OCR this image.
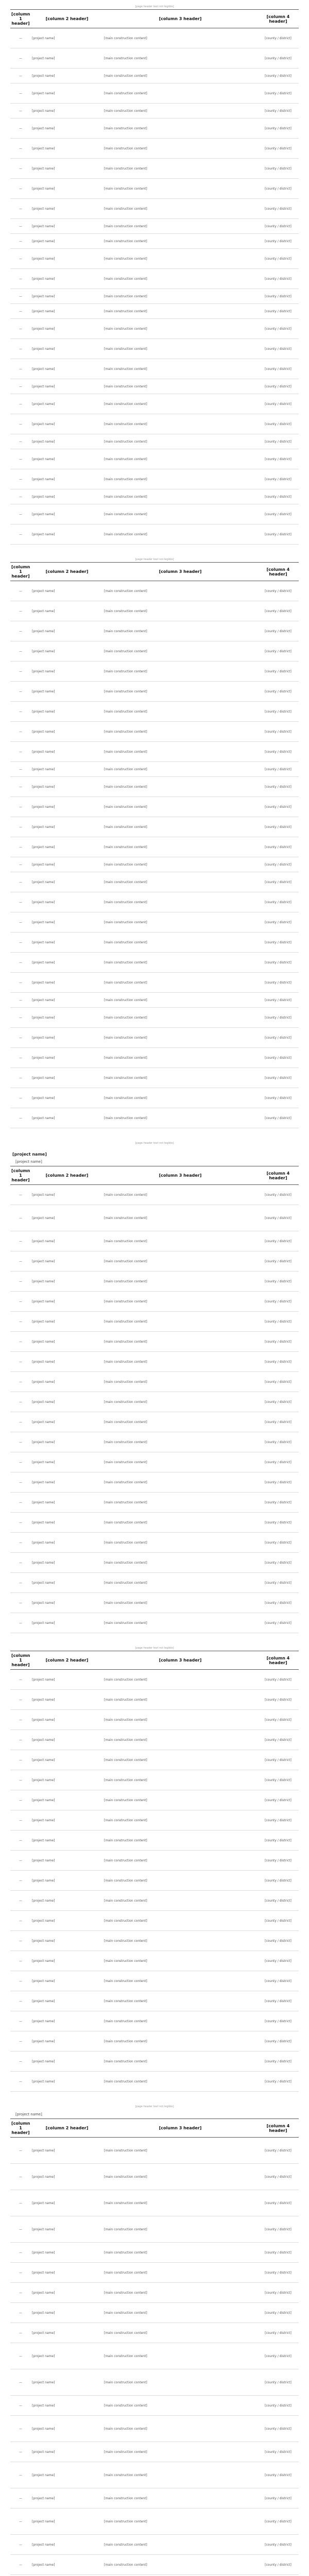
[page header text not legible]
[column 1 header]	[column 2 header]	[column 3 header]	[column 4 header]
—	[project name]	[main construction content]	[county / district]
—	[project name]	[main construction content]	[county / district]
—	[project name]	[main construction content]	[county / district]
—	[project name]	[main construction content]	[county / district]
—	[project name]	[main construction content]	[county / district]
—	[project name]	[main construction content]	[county / district]
—	[project name]	[main construction content]	[county / district]
—	[project name]	[main construction content]	[county / district]
—	[project name]	[main construction content]	[county / district]
—	[project name]	[main construction content]	[county / district]
—	[project name]	[main construction content]	[county / district]
—	[project name]	[main construction content]	[county / district]
—	[project name]	[main construction content]	[county / district]
—	[project name]	[main construction content]	[county / district]
—	[project name]	[main construction content]	[county / district]
—	[project name]	[main construction content]	[county / district]
—	[project name]	[main construction content]	[county / district]
—	[project name]	[main construction content]	[county / district]
—	[project name]	[main construction content]	[county / district]
—	[project name]	[main construction content]	[county / district]
—	[project name]	[main construction content]	[county / district]
—	[project name]	[main construction content]	[county / district]
—	[project name]	[main construction content]	[county / district]
—	[project name]	[main construction content]	[county / district]
—	[project name]	[main construction content]	[county / district]
—	[project name]	[main construction content]	[county / district]
—	[project name]	[main construction content]	[county / district]
—	[project name]	[main construction content]	[county / district]
[page header text not legible]
[column 1 header]	[column 2 header]	[column 3 header]	[column 4 header]
—	[project name]	[main construction content]	[county / district]
—	[project name]	[main construction content]	[county / district]
—	[project name]	[main construction content]	[county / district]
—	[project name]	[main construction content]	[county / district]
—	[project name]	[main construction content]	[county / district]
—	[project name]	[main construction content]	[county / district]
—	[project name]	[main construction content]	[county / district]
—	[project name]	[main construction content]	[county / district]
—	[project name]	[main construction content]	[county / district]
—	[project name]	[main construction content]	[county / district]
—	[project name]	[main construction content]	[county / district]
—	[project name]	[main construction content]	[county / district]
—	[project name]	[main construction content]	[county / district]
—	[project name]	[main construction content]	[county / district]
—	[project name]	[main construction content]	[county / district]
—	[project name]	[main construction content]	[county / district]
—	[project name]	[main construction content]	[county / district]
—	[project name]	[main construction content]	[county / district]
—	[project name]	[main construction content]	[county / district]
—	[project name]	[main construction content]	[county / district]
—	[project name]	[main construction content]	[county / district]
—	[project name]	[main construction content]	[county / district]
—	[project name]	[main construction content]	[county / district]
—	[project name]	[main construction content]	[county / district]
—	[project name]	[main construction content]	[county / district]
—	[project name]	[main construction content]	[county / district]
—	[project name]	[main construction content]	[county / district]
—	[project name]	[main construction content]	[county / district]
[page header text not legible]
[project name]
[project name]
[column 1 header]	[column 2 header]	[column 3 header]	[column 4 header]
—	[project name]	[main construction content]	[county / district]
—	[project name]	[main construction content]	[county / district]
—	[project name]	[main construction content]	[county / district]
—	[project name]	[main construction content]	[county / district]
—	[project name]	[main construction content]	[county / district]
—	[project name]	[main construction content]	[county / district]
—	[project name]	[main construction content]	[county / district]
—	[project name]	[main construction content]	[county / district]
—	[project name]	[main construction content]	[county / district]
—	[project name]	[main construction content]	[county / district]
—	[project name]	[main construction content]	[county / district]
—	[project name]	[main construction content]	[county / district]
—	[project name]	[main construction content]	[county / district]
—	[project name]	[main construction content]	[county / district]
—	[project name]	[main construction content]	[county / district]
—	[project name]	[main construction content]	[county / district]
—	[project name]	[main construction content]	[county / district]
—	[project name]	[main construction content]	[county / district]
—	[project name]	[main construction content]	[county / district]
—	[project name]	[main construction content]	[county / district]
—	[project name]	[main construction content]	[county / district]
—	[project name]	[main construction content]	[county / district]
[page header text not legible]
[column 1 header]	[column 2 header]	[column 3 header]	[column 4 header]
—	[project name]	[main construction content]	[county / district]
—	[project name]	[main construction content]	[county / district]
—	[project name]	[main construction content]	[county / district]
—	[project name]	[main construction content]	[county / district]
—	[project name]	[main construction content]	[county / district]
—	[project name]	[main construction content]	[county / district]
—	[project name]	[main construction content]	[county / district]
—	[project name]	[main construction content]	[county / district]
—	[project name]	[main construction content]	[county / district]
—	[project name]	[main construction content]	[county / district]
—	[project name]	[main construction content]	[county / district]
—	[project name]	[main construction content]	[county / district]
—	[project name]	[main construction content]	[county / district]
—	[project name]	[main construction content]	[county / district]
—	[project name]	[main construction content]	[county / district]
—	[project name]	[main construction content]	[county / district]
—	[project name]	[main construction content]	[county / district]
—	[project name]	[main construction content]	[county / district]
—	[project name]	[main construction content]	[county / district]
—	[project name]	[main construction content]	[county / district]
—	[project name]	[main construction content]	[county / district]
[page header text not legible]
[project name]
[column 1 header]	[column 2 header]	[column 3 header]	[column 4 header]
—	[project name]	[main construction content]	[county / district]
—	[project name]	[main construction content]	[county / district]
—	[project name]	[main construction content]	[county / district]
—	[project name]	[main construction content]	[county / district]
—	[project name]	[main construction content]	[county / district]
—	[project name]	[main construction content]	[county / district]
—	[project name]	[main construction content]	[county / district]
—	[project name]	[main construction content]	[county / district]
—	[project name]	[main construction content]	[county / district]
—	[project name]	[main construction content]	[county / district]
—	[project name]	[main construction content]	[county / district]
—	[project name]	[main construction content]	[county / district]
—	[project name]	[main construction content]	[county / district]
—	[project name]	[main construction content]	[county / district]
—	[project name]	[main construction content]	[county / district]
—	[project name]	[main construction content]	[county / district]
—	[project name]	[main construction content]	[county / district]
—	[project name]	[main construction content]	[county / district]
—	[project name]	[main construction content]	[county / district]
